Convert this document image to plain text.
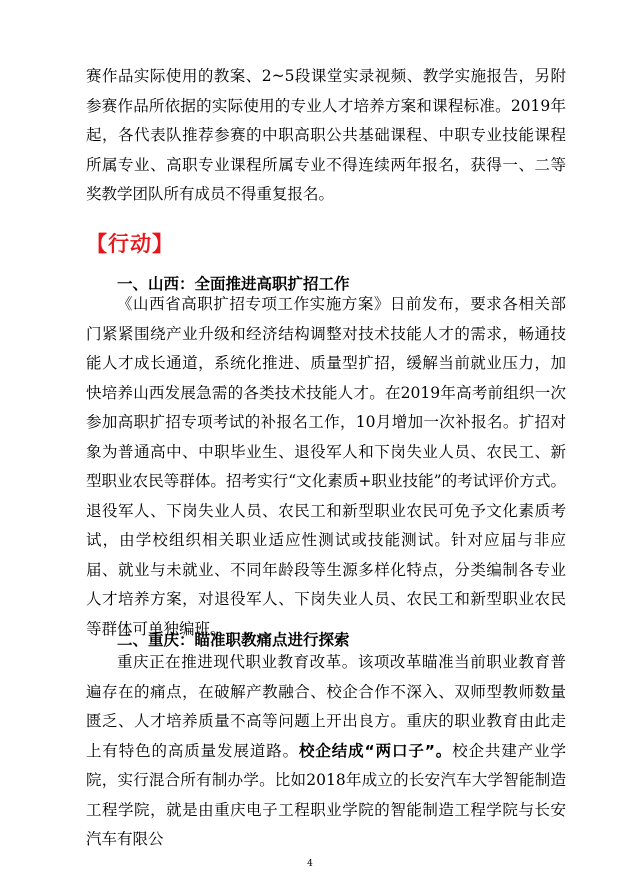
赛作品实际使用的教案、2~5段课堂实录视频、教学实施报告，另附参赛作品所依据的实际使用的专业人才培养方案和课程标准。2019年起，各代表队推荐参赛的中职高职公共基础课程、中职专业技能课程所属专业、高职专业课程所属专业不得连续两年报名，获得一、二等奖教学团队所有成员不得重复报名。

【行动】
一、山西：全面推进高职扩招工作

《山西省高职扩招专项工作实施方案》日前发布，要求各相关部门紧紧围绕产业升级和经济结构调整对技术技能人才的需求，畅通技能人才成长通道，系统化推进、质量型扩招，缓解当前就业压力，加快培养山西发展急需的各类技术技能人才。在2019年高考前组织一次参加高职扩招专项考试的补报名工作，10月增加一次补报名。扩招对象为普通高中、中职毕业生、退役军人和下岗失业人员、农民工、新型职业农民等群体。招考实行“文化素质+职业技能”的考试评价方式。退役军人、下岗失业人员、农民工和新型职业农民可免予文化素质考试，由学校组织相关职业适应性测试或技能测试。针对应届与非应届、就业与未就业、不同年龄段等生源多样化特点，分类编制各专业人才培养方案，对退役军人、下岗失业人员、农民工和新型职业农民等群体可单独编班。

二、重庆：瞄准职教痛点进行探索

重庆正在推进现代职业教育改革。该项改革瞄准当前职业教育普遍存在的痛点，在破解产教融合、校企合作不深入、双师型教师数量匮乏、人才培养质量不高等问题上开出良方。重庆的职业教育由此走上有特色的高质量发展道路。校企结成“两口子”。校企共建产业学院，实行混合所有制办学。比如2018年成立的长安汽车大学智能制造工程学院，就是由重庆电子工程职业学院的智能制造工程学院与长安汽车有限公

4
